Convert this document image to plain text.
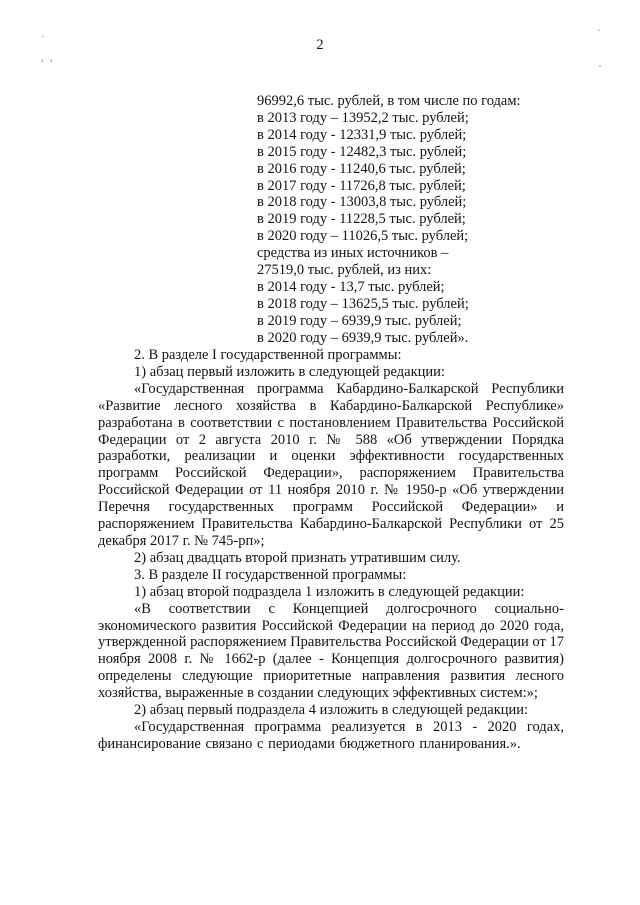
·
' '
·
·
2
96992,6 тыс. рублей, в том числе по годам:
в 2013 году – 13952,2 тыс. рублей;
в 2014 году - 12331,9 тыс. рублей;
в 2015 году - 12482,3 тыс. рублей;
в 2016 году - 11240,6 тыс. рублей;
в 2017 году - 11726,8 тыс. рублей;
в 2018 году - 13003,8 тыс. рублей;
в 2019 году - 11228,5 тыс. рублей;
в 2020 году – 11026,5 тыс. рублей;
средства из иных источников –
27519,0 тыс. рублей, из них:
в 2014 году - 13,7 тыс. рублей;
в 2018 году – 13625,5 тыс. рублей;
в 2019 году – 6939,9 тыс. рублей;
в 2020 году – 6939,9 тыс. рублей».

2. В разделе I государственной программы:

1) абзац первый изложить в следующей редакции:

«Государственная программа Кабардино-Балкарской Республики «Развитие лесного хозяйства в Кабардино-Балкарской Республике» разработана в соответствии с постановлением Правительства Российской Федерации от 2 августа 2010 г. № 588 «Об утверждении Порядка разработки, реализации и оценки эффективности государственных программ Российской Федерации», распоряжением Правительства Российской Федерации от 11 ноября 2010 г. № 1950-р «Об утверждении Перечня государственных программ Российской Федерации» и распоряжением Правительства Кабардино-Балкарской Республики от 25 декабря 2017 г. № 745-рп»;

2) абзац двадцать второй признать утратившим силу.

3. В разделе II государственной программы:

1) абзац второй подраздела 1 изложить в следующей редакции:

«В соответствии с Концепцией долгосрочного социально-экономического развития Российской Федерации на период до 2020 года, утвержденной распоряжением Правительства Российской Федерации от 17 ноября 2008 г. № 1662-р (далее - Концепция долгосрочного развития) определены следующие приоритетные направления развития лесного хозяйства, выраженные в создании следующих эффективных систем:»;

2) абзац первый подраздела 4 изложить в следующей редакции:

«Государственная программа реализуется в 2013 - 2020 годах, финансирование связано с периодами бюджетного планирования.».
